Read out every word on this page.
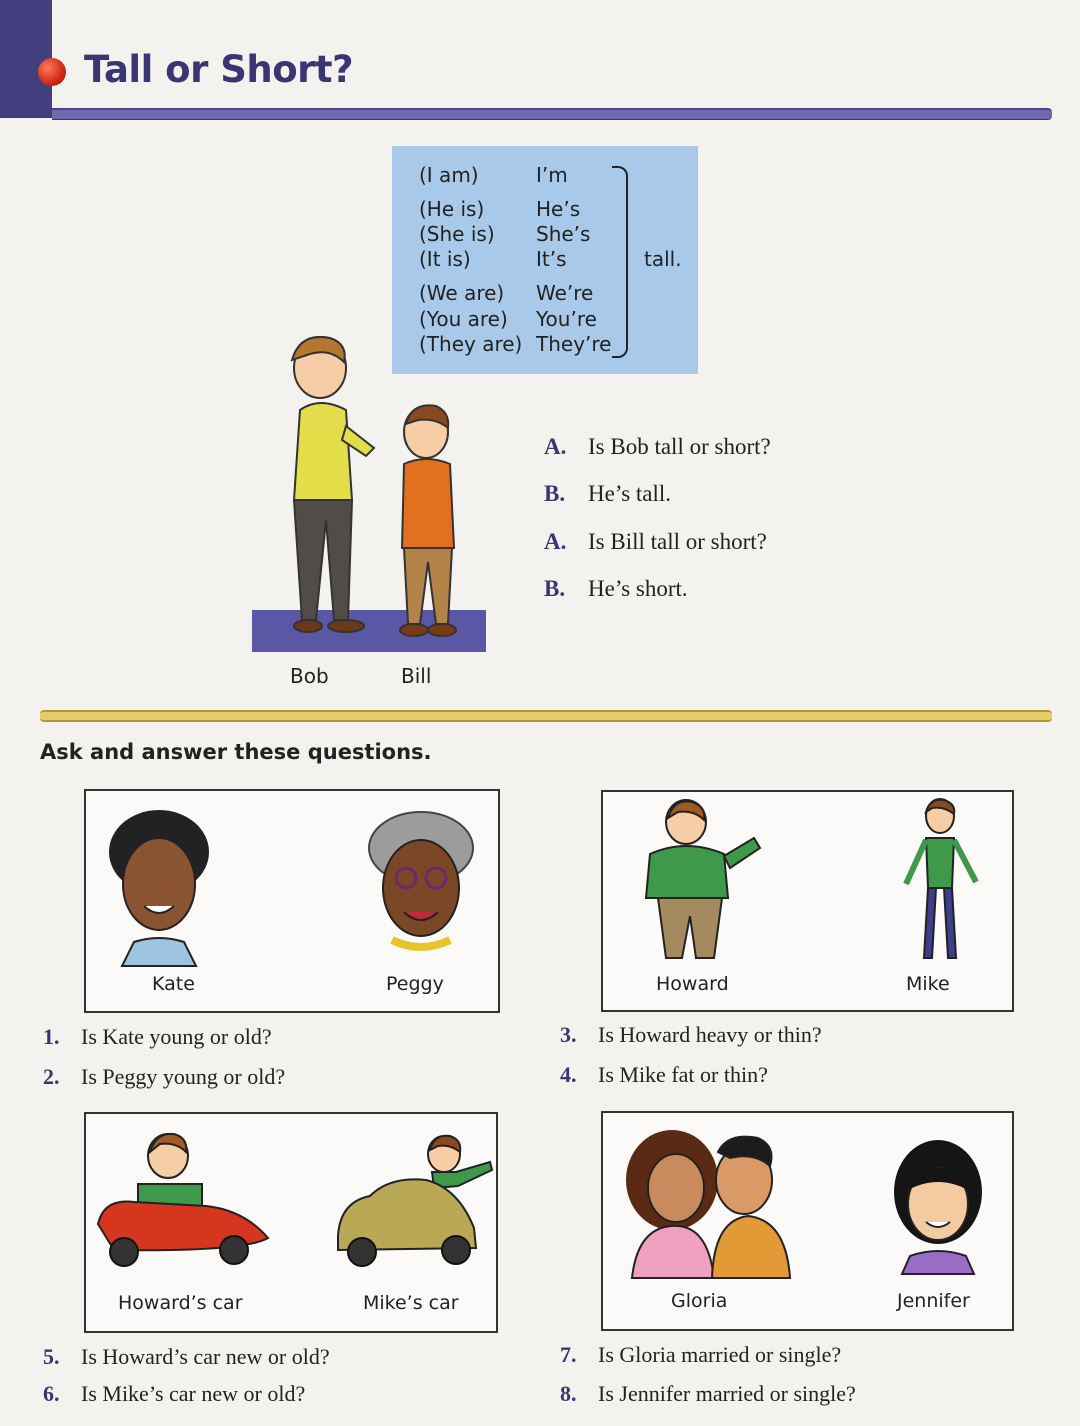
Tall or Short?
(I am)	I’m
(He is)	He’s
(She is) She’s
(It is)	It’s
(We are) We’re
(You are) You’re
(They are) They’re
tall.
Bob	Bill
A. Is Bob tall or short?
B. He’s tall.
A. Is Bill tall or short?
B. He’s short.
Ask and answer these questions.
Kate	Peggy	Howard	Mike
1. Is Kate young or old?
2. Is Peggy young or old?
3. Is Howard heavy or thin?
4. Is Mike fat or thin?
Howard’s car	Mike’s car	Gloria	Jennifer
5. Is Howard’s car new or old?
6. Is Mike’s car new or old?
7. Is Gloria married or single?
8. Is Jennifer married or single?
